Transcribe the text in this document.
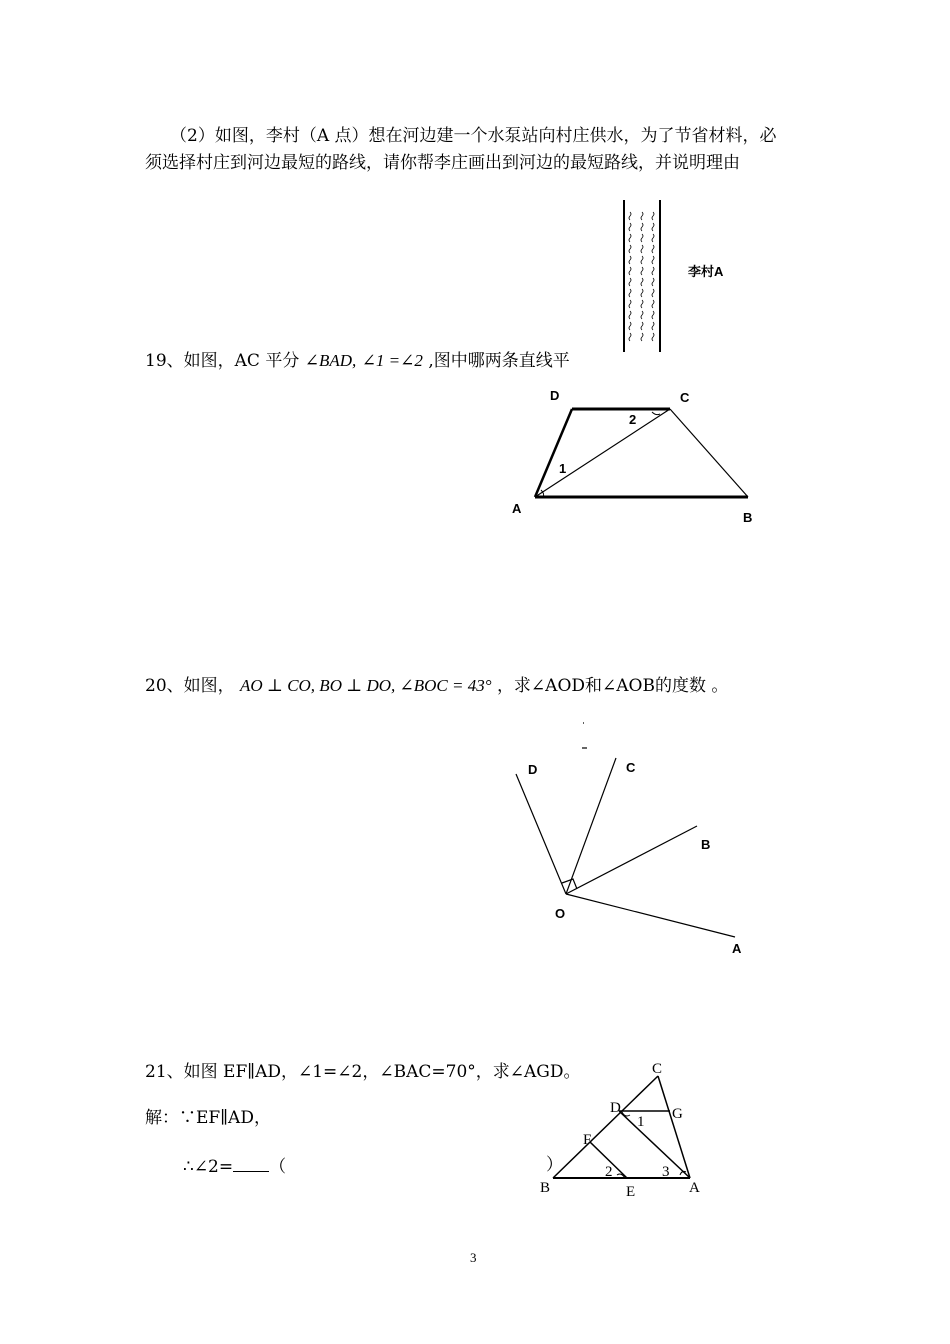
（2）如图，李村（A 点）想在河边建一个水泵站向村庄供水，为了节省材料，必
须选择村庄到河边最短的路线，请你帮李庄画出到河边的最短路线，并说明理由
19、如图，AC 平分 ∠BAD, ∠1 =∠2 ,图中哪两条直线平
20、如图， AO ⊥ CO, BO ⊥ DO, ∠BOC = 43° ，求∠AOD和∠AOB的度数 。
21、如图 EF∥AD，∠1=∠2，∠BAC=70°，求∠AGD。
解：∵EF∥AD，
∴∠2= （	）
李村A
D	C
A
B
1
2
D	C
B
O
A
C
D	G
F
B	E	A
1
2	3
3
